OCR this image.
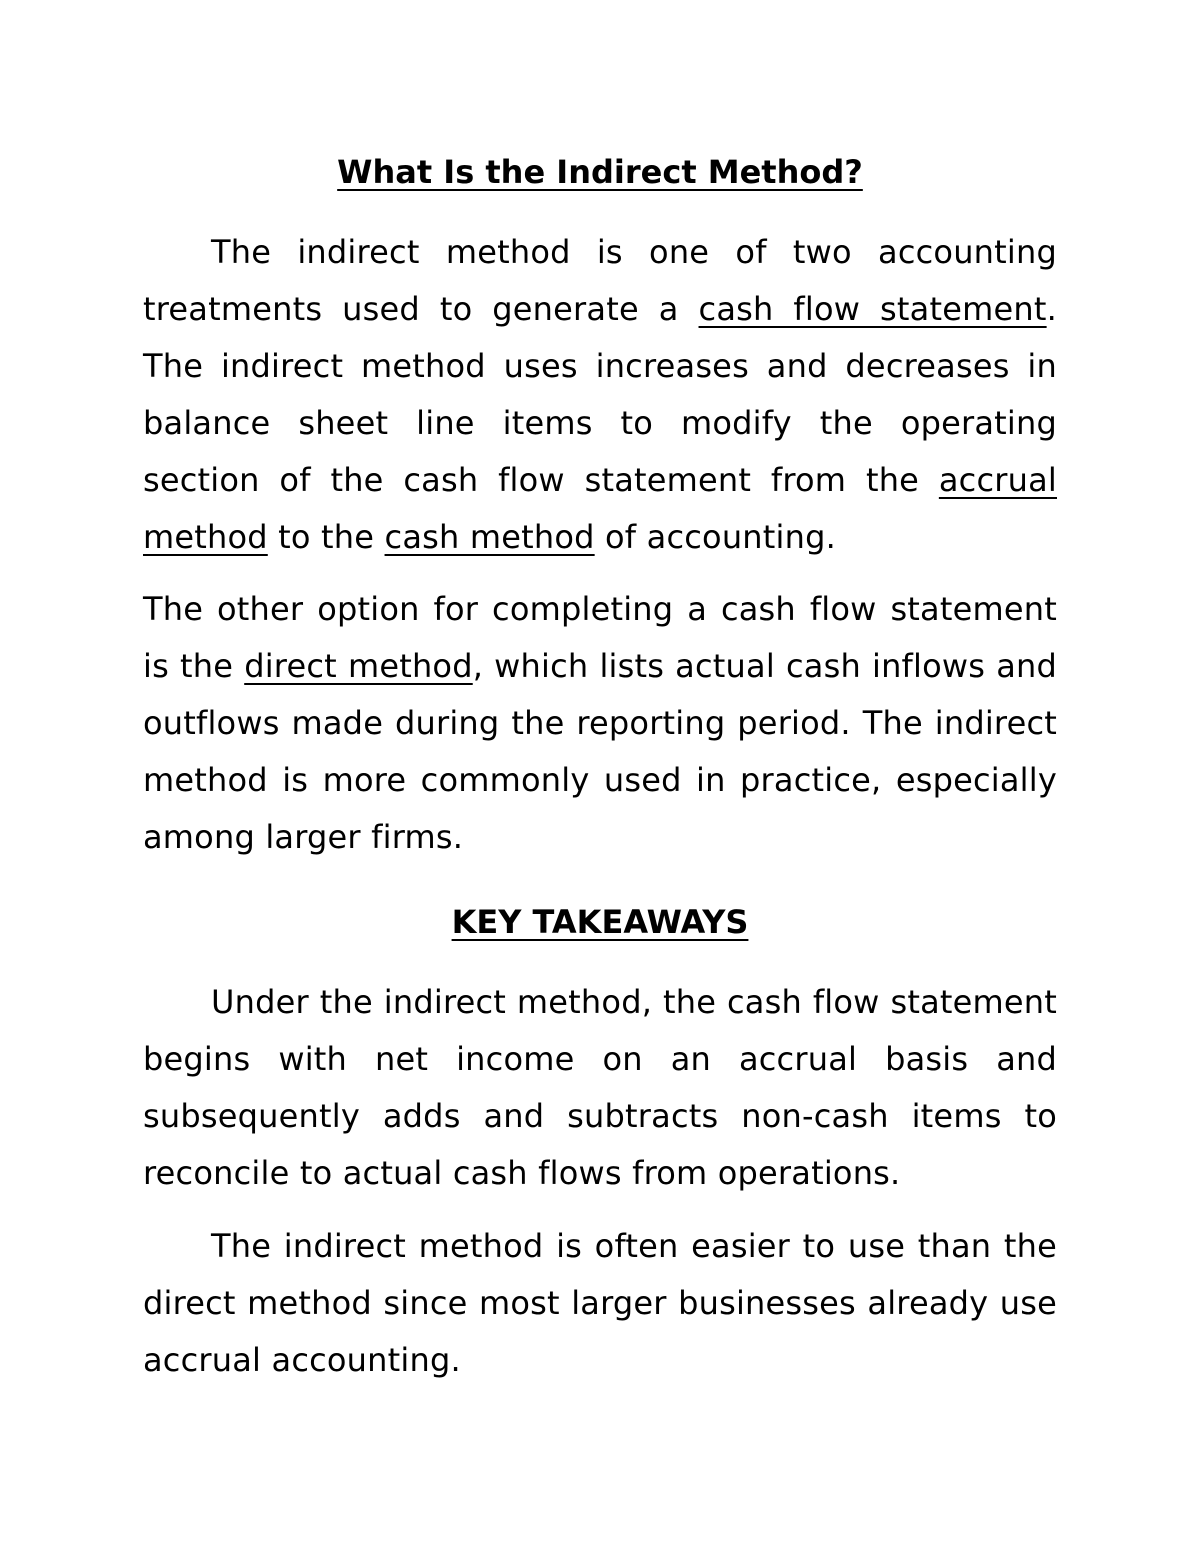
What Is the Indirect Method?

The indirect method is one of two accounting treatments used to generate a cash flow statement. The indirect method uses increases and decreases in balance sheet line items to modify the operating section of the cash flow statement from the accrual method to the cash method of accounting.

The other option for completing a cash flow statement is the direct method, which lists actual cash inflows and outflows made during the reporting period. The indirect method is more commonly used in practice, especially among larger firms.

KEY TAKEAWAYS

Under the indirect method, the cash flow statement begins with net income on an accrual basis and subsequently adds and subtracts non-cash items to reconcile to actual cash flows from operations.

The indirect method is often easier to use than the direct method since most larger businesses already use accrual accounting.
